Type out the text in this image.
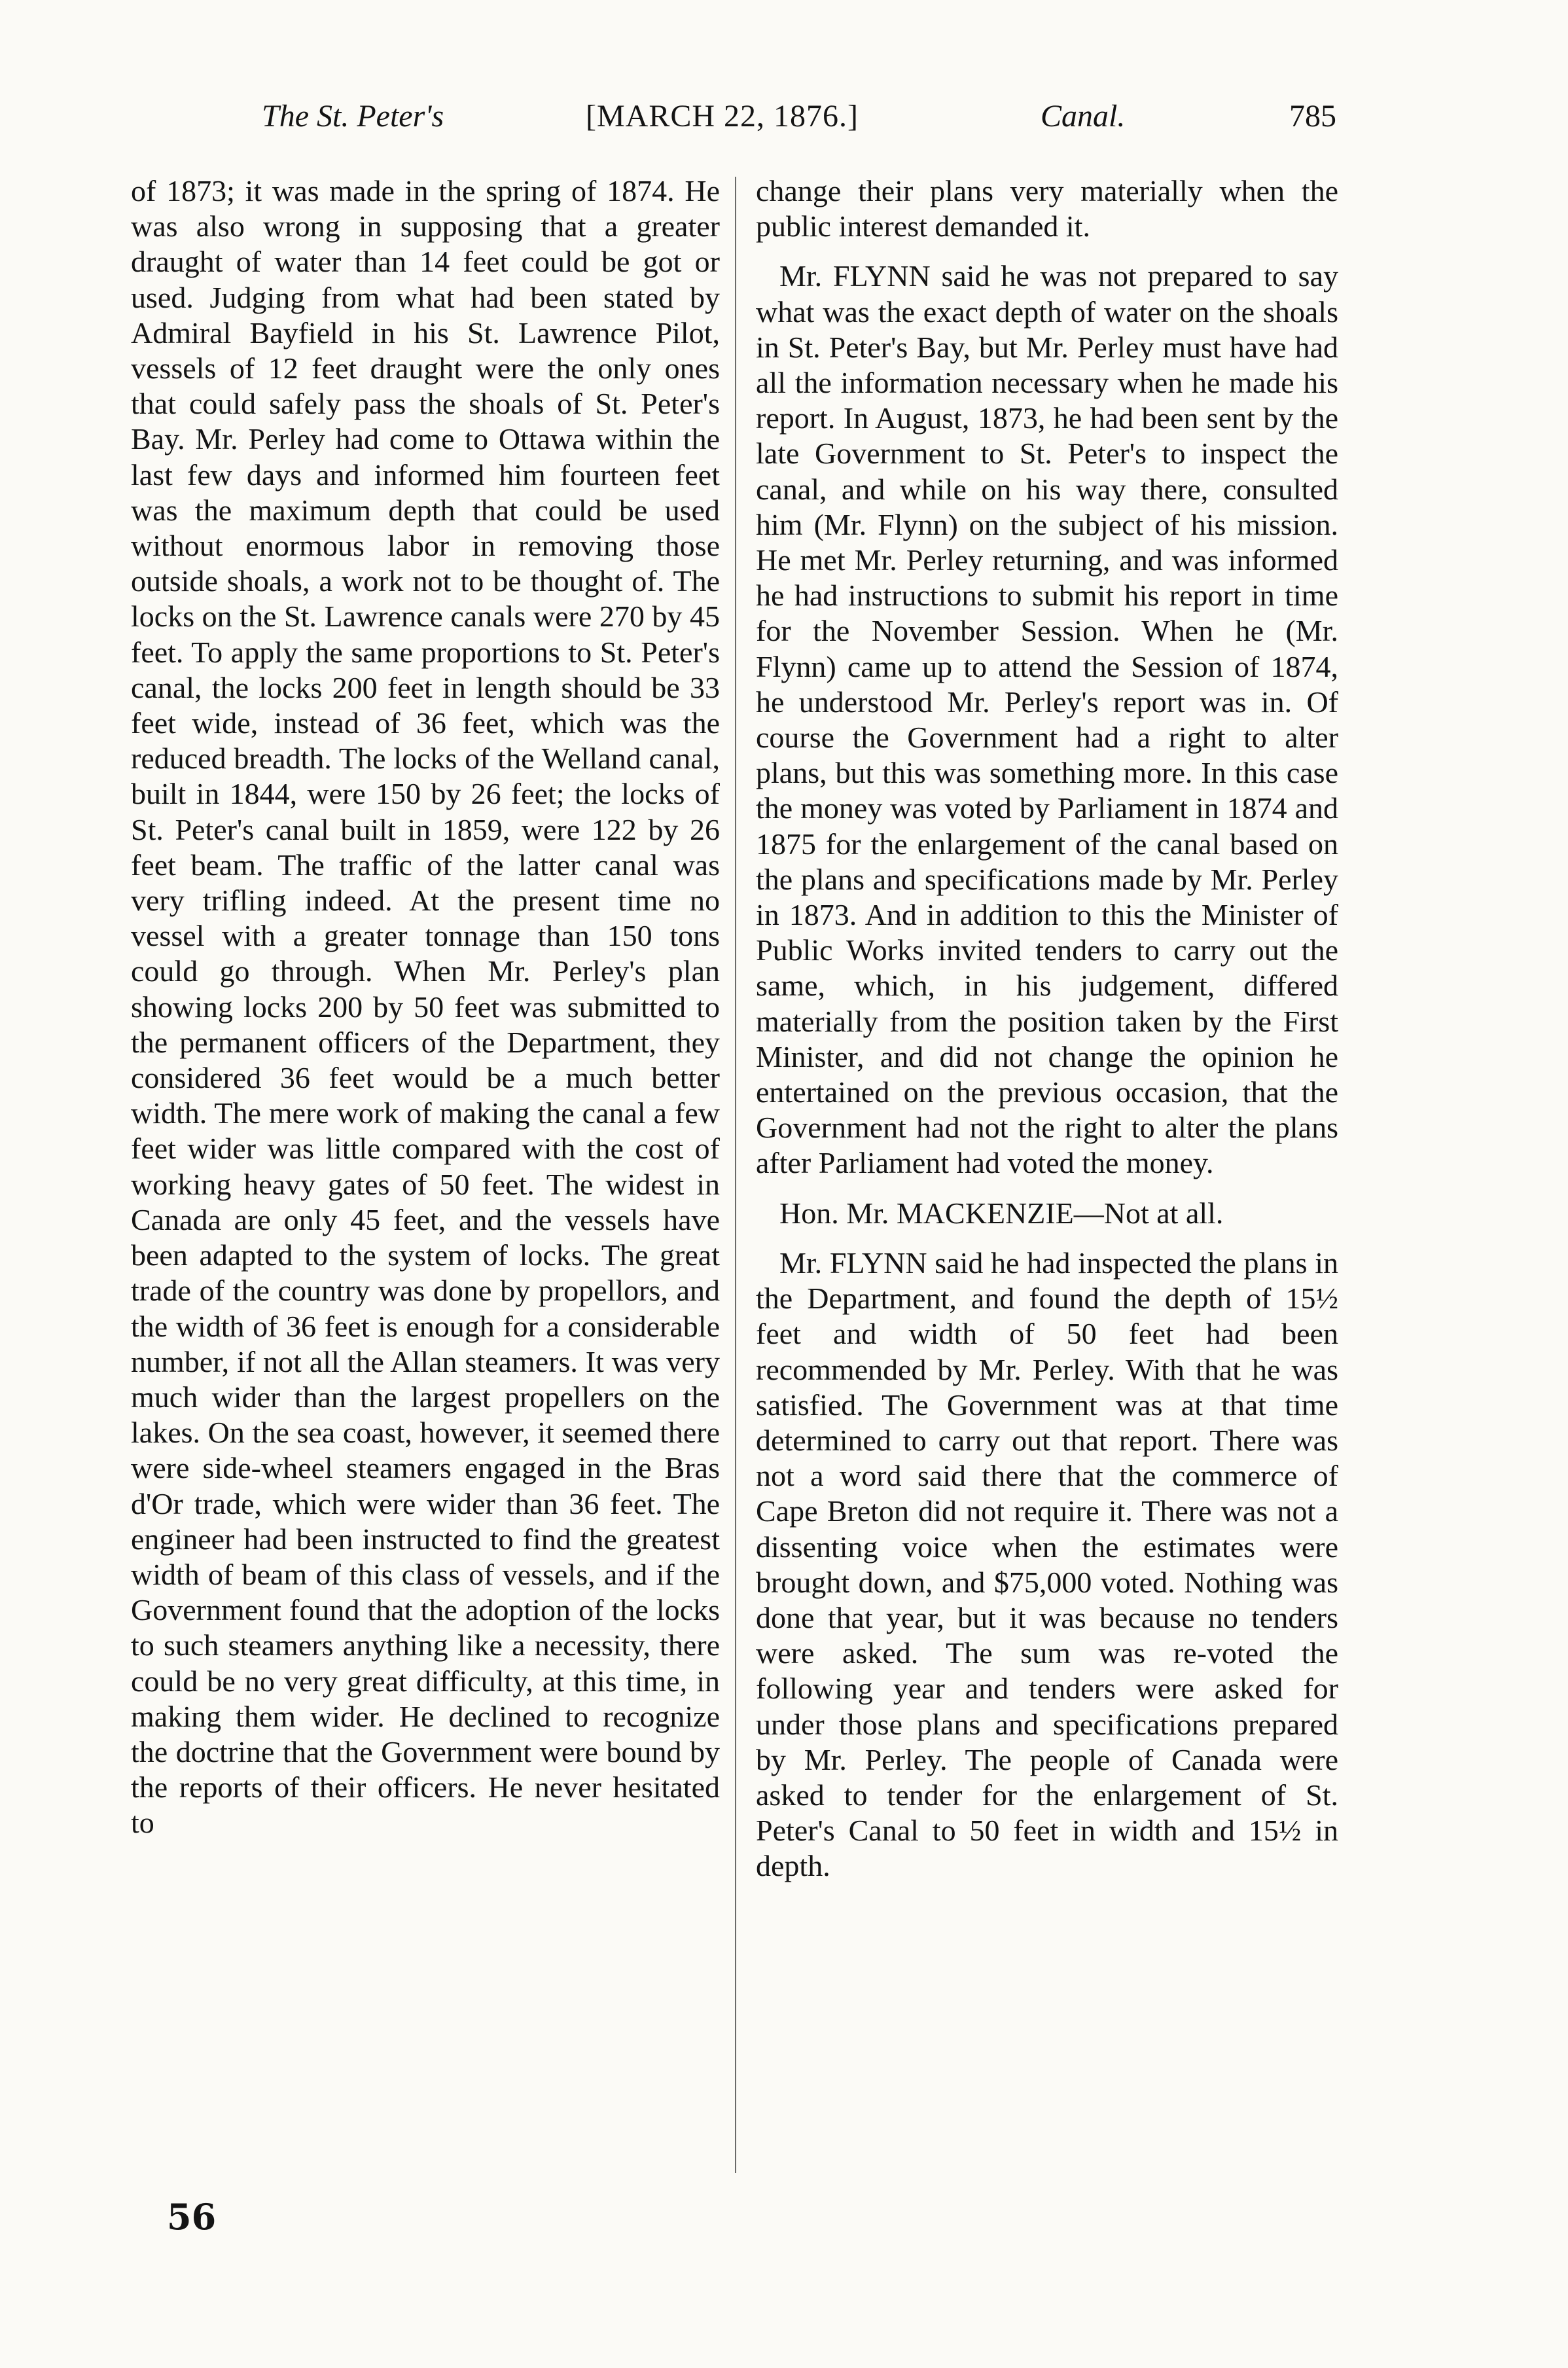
The St. Peter's	[MARCH 22, 1876.]	Canal.	785

of 1873; it was made in the spring of 1874. He was also wrong in supposing that a greater draught of water than 14 feet could be got or used. Judging from what had been stated by Admiral Bayfield in his St. Lawrence Pilot, vessels of 12 feet draught were the only ones that could safely pass the shoals of St. Peter's Bay. Mr. Perley had come to Ottawa within the last few days and informed him fourteen feet was the maximum depth that could be used without enormous labor in removing those outside shoals, a work not to be thought of. The locks on the St. Lawrence canals were 270 by 45 feet. To apply the same proportions to St. Peter's canal, the locks 200 feet in length should be 33 feet wide, instead of 36 feet, which was the reduced breadth. The locks of the Welland canal, built in 1844, were 150 by 26 feet; the locks of St. Peter's canal built in 1859, were 122 by 26 feet beam. The traffic of the latter canal was very trifling indeed. At the present time no vessel with a greater tonnage than 150 tons could go through. When Mr. Perley's plan showing locks 200 by 50 feet was submitted to the permanent officers of the Department, they considered 36 feet would be a much better width. The mere work of making the canal a few feet wider was little compared with the cost of working heavy gates of 50 feet. The widest in Canada are only 45 feet, and the vessels have been adapted to the system of locks. The great trade of the country was done by propellors, and the width of 36 feet is enough for a considerable number, if not all the Allan steamers. It was very much wider than the largest propellers on the lakes. On the sea coast, however, it seemed there were side-wheel steamers engaged in the Bras d'Or trade, which were wider than 36 feet. The engineer had been instructed to find the greatest width of beam of this class of vessels, and if the Government found that the adoption of the locks to such steamers anything like a necessity, there could be no very great difficulty, at this time, in making them wider. He declined to recognize the doctrine that the Government were bound by the reports of their officers. He never hesitated to

change their plans very materially when the public interest demanded it.

Mr. FLYNN said he was not prepared to say what was the exact depth of water on the shoals in St. Peter's Bay, but Mr. Perley must have had all the information necessary when he made his report. In August, 1873, he had been sent by the late Government to St. Peter's to inspect the canal, and while on his way there, consulted him (Mr. Flynn) on the subject of his mission. He met Mr. Perley returning, and was informed he had instructions to submit his report in time for the November Session. When he (Mr. Flynn) came up to attend the Session of 1874, he understood Mr. Perley's report was in. Of course the Government had a right to alter plans, but this was something more. In this case the money was voted by Parliament in 1874 and 1875 for the enlargement of the canal based on the plans and specifications made by Mr. Perley in 1873. And in addition to this the Minister of Public Works invited tenders to carry out the same, which, in his judgement, differed materially from the position taken by the First Minister, and did not change the opinion he entertained on the previous occasion, that the Government had not the right to alter the plans after Parliament had voted the money.

Hon. Mr. MACKENZIE—Not at all.

Mr. FLYNN said he had inspected the plans in the Department, and found the depth of 15½ feet and width of 50 feet had been recommended by Mr. Perley. With that he was satisfied. The Government was at that time determined to carry out that report. There was not a word said there that the commerce of Cape Breton did not require it. There was not a dissenting voice when the estimates were brought down, and $75,000 voted. Nothing was done that year, but it was because no tenders were asked. The sum was re-voted the following year and tenders were asked for under those plans and specifications prepared by Mr. Perley. The people of Canada were asked to tender for the enlargement of St. Peter's Canal to 50 feet in width and 15½ in depth.

56
